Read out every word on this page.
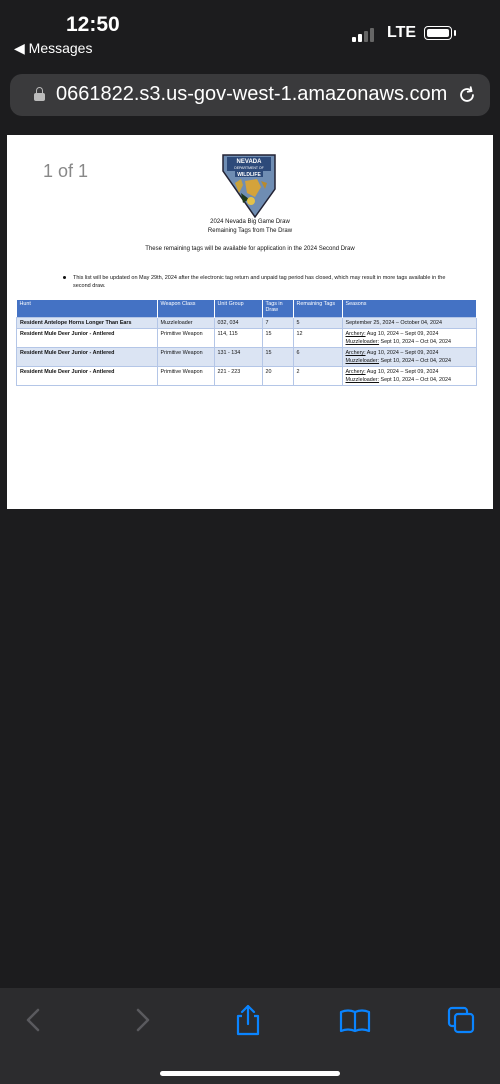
12:50
◀ Messages
LTE
0661822.s3.us-gov-west-1.amazonaws.com
1 of 1	NEVADA
DEPARTMENT OF
WILDLIFE
2024 Nevada Big Game Draw
Remaining Tags from The Draw
These remaining tags will be available for application in the 2024 Second Draw
This list will be updated on May 29th, 2024 after the electronic tag return and unpaid tag period has closed, which may result in more tags available in the second draw.
Hunt	Weapon Class	Unit Group	Tags in Draw	Remaining Tags	Seasons
Resident Antelope Horns Longer Than Ears	Muzzleloader	032, 034	7	5	September 25, 2024 – October 04, 2024
Resident Mule Deer Junior - Antlered	Primitive Weapon	114, 115	15	12	Archery: Aug 10, 2024 – Sept 09, 2024
Muzzleloader: Sept 10, 2024 – Oct 04, 2024
Resident Mule Deer Junior - Antlered	Primitive Weapon	131 - 134	15	6	Archery: Aug 10, 2024 – Sept 09, 2024
Muzzleloader: Sept 10, 2024 – Oct 04, 2024
Resident Mule Deer Junior - Antlered	Primitive Weapon	221 - 223	20	2	Archery: Aug 10, 2024 – Sept 09, 2024
Muzzleloader: Sept 10, 2024 – Oct 04, 2024
